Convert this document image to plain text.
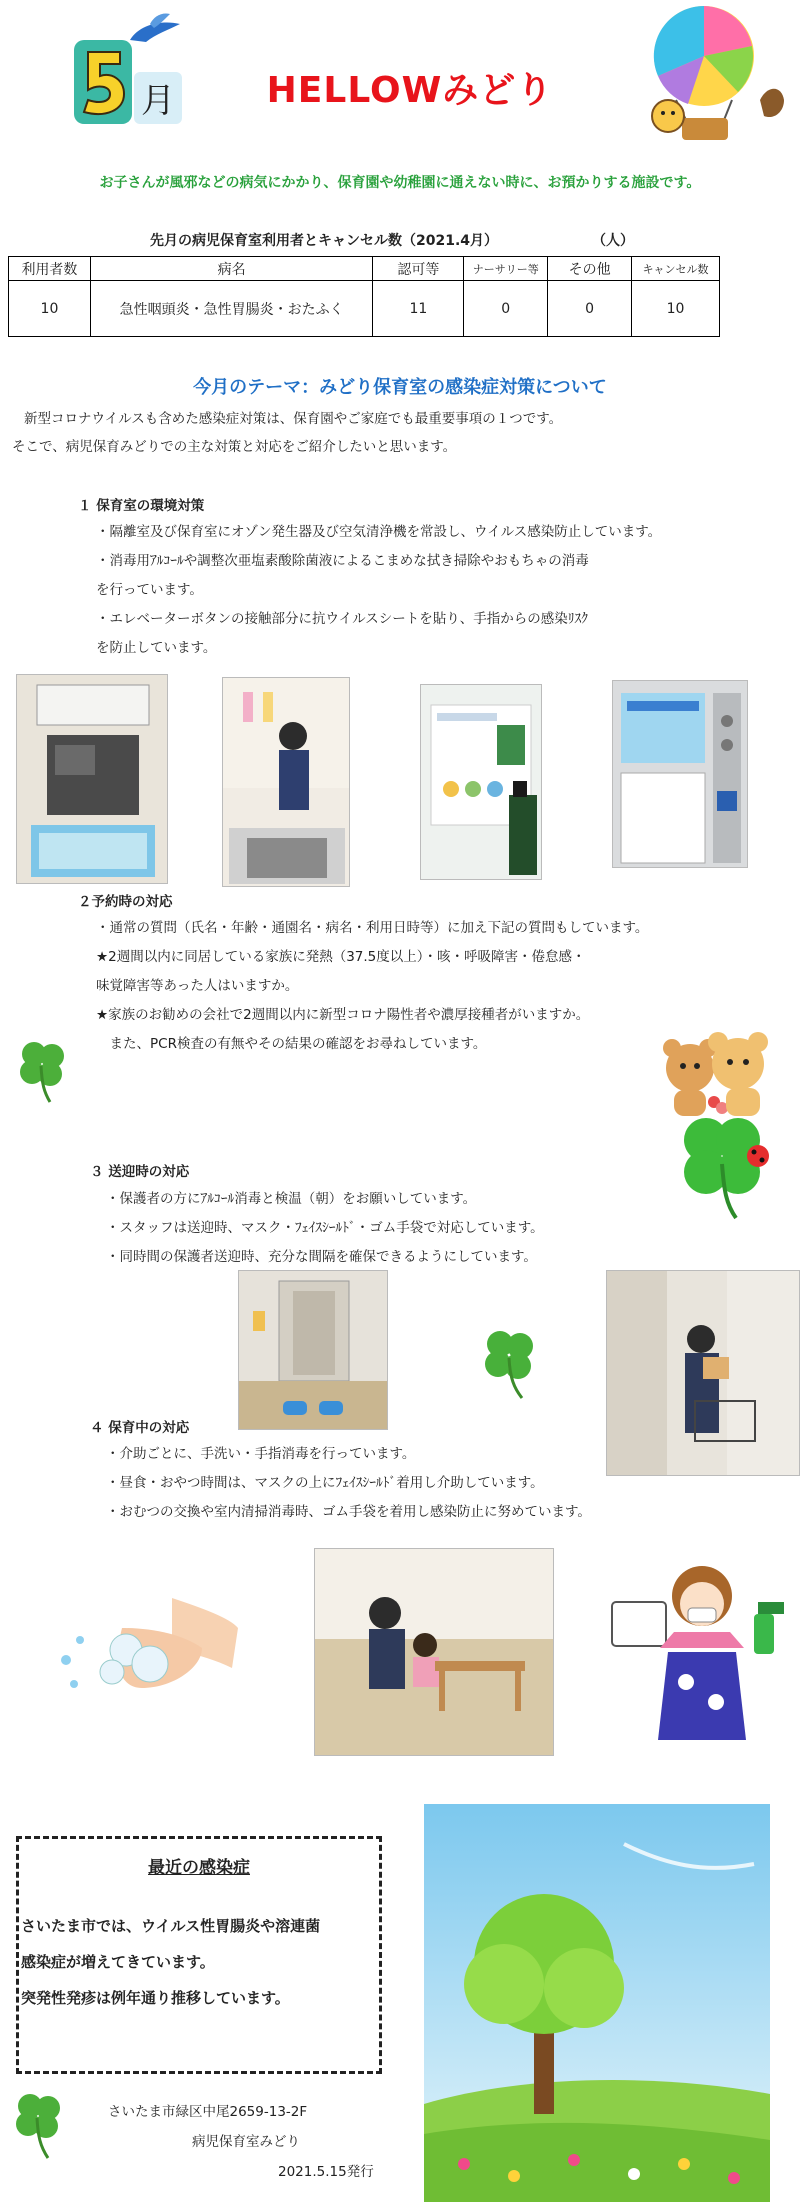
月	HELLOWみどり
お子さんが風邪などの病気にかかり、保育園や幼稚園に通えない時に、お預かりする施設です。
先月の病児保育室利用者とキャンセル数（2021.4月）	（人）
利用者数	病名	認可等	ナーサリー等	その他	キャンセル数
10	急性咽頭炎・急性胃腸炎・おたふく	11	0	0	10
今月のテーマ：みどり保育室の感染症対策について
新型コロナウイルスも含めた感染症対策は、保育園やご家庭でも最重要事項の１つです。
そこで、病児保育みどりでの主な対策と対応をご紹介したいと思います。
１ 保育室の環境対策
・隔離室及び保育室にオゾン発生器及び空気清浄機を常設し、ウイルス感染防止しています。
・消毒用ｱﾙｺｰﾙや調整次亜塩素酸除菌液によるこまめな拭き掃除やおもちゃの消毒
を行っています。
・エレベーターボタンの接触部分に抗ウイルスシートを貼り、手指からの感染ﾘｽｸ
を防止しています。
２予約時の対応
・通常の質問（氏名・年齢・通園名・病名・利用日時等）に加え下記の質問もしています。
★2週間以内に同居している家族に発熱（37.5度以上）・咳・呼吸障害・倦怠感・
味覚障害等あった人はいますか。
★家族のお勧めの会社で2週間以内に新型コロナ陽性者や濃厚接種者がいますか。
　また、PCR検査の有無やその結果の確認をお尋ねしています。
３ 送迎時の対応
・保護者の方にｱﾙｺｰﾙ消毒と検温（朝）をお願いしています。
・スタッフは送迎時、マスク・ﾌｪｲｽｼｰﾙﾄﾞ・ゴム手袋で対応しています。
・同時間の保護者送迎時、充分な間隔を確保できるようにしています。
４ 保育中の対応
・介助ごとに、手洗い・手指消毒を行っています。
・昼食・おやつ時間は、マスクの上にﾌｪｲｽｼｰﾙﾄﾞ着用し介助しています。
・おむつの交換や室内清掃消毒時、ゴム手袋を着用し感染防止に努めています。
最近の感染症
さいたま市では、ウイルス性胃腸炎や溶連菌
感染症が増えてきています。
突発性発疹は例年通り推移しています。
さいたま市緑区中尾2659-13-2F
病児保育室みどり
2021.5.15発行
